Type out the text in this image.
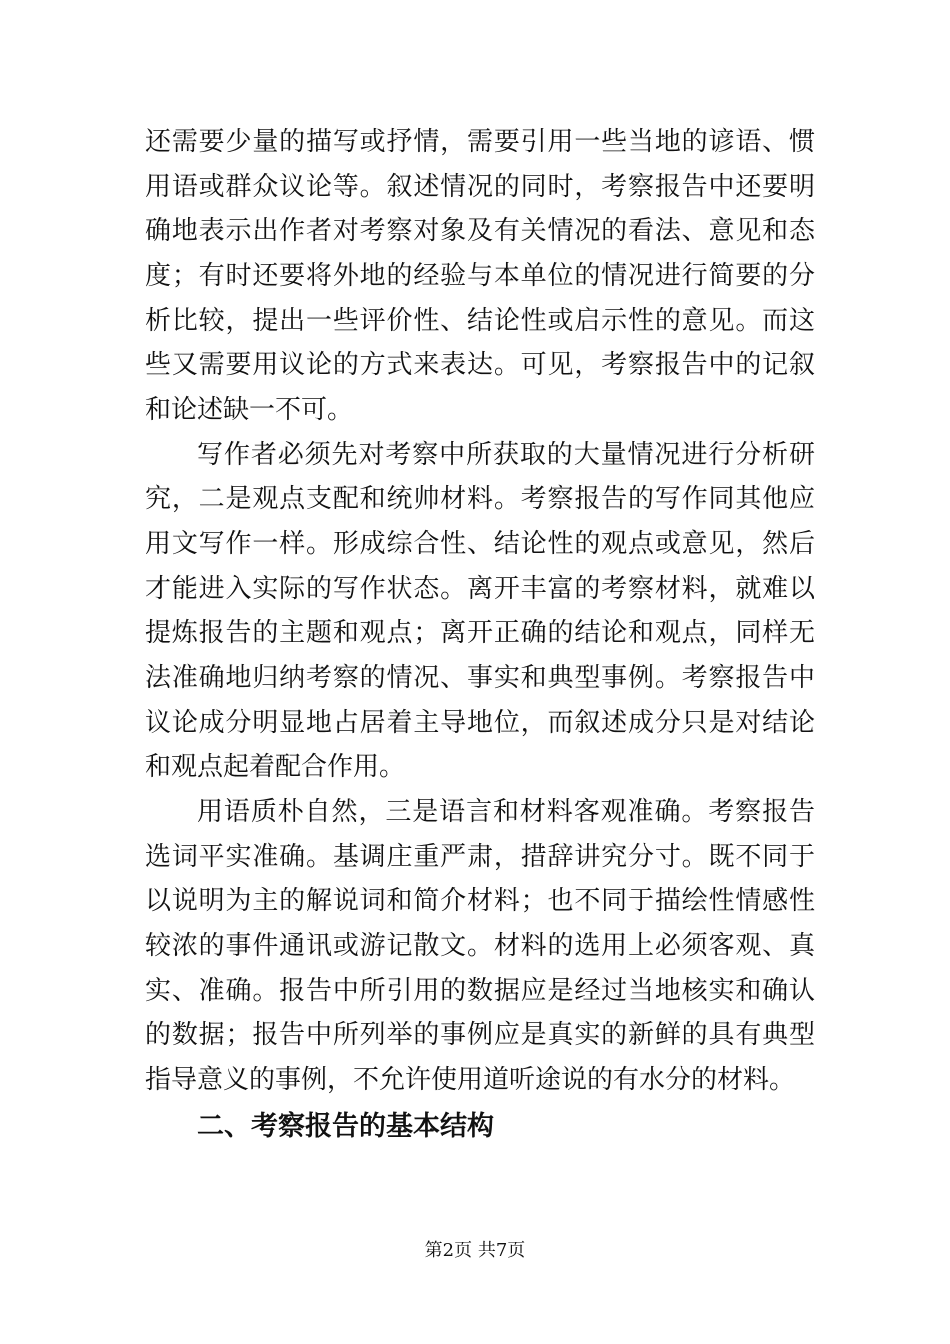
还需要少量的描写或抒情，需要引用一些当地的谚语、惯
用语或群众议论等。叙述情况的同时，考察报告中还要明
确地表示出作者对考察对象及有关情况的看法、意见和态
度；有时还要将外地的经验与本单位的情况进行简要的分
析比较，提出一些评价性、结论性或启示性的意见。而这
些又需要用议论的方式来表达。可见，考察报告中的记叙
和论述缺一不可。
写作者必须先对考察中所获取的大量情况进行分析研
究，二是观点支配和统帅材料。考察报告的写作同其他应
用文写作一样。形成综合性、结论性的观点或意见，然后
才能进入实际的写作状态。离开丰富的考察材料，就难以
提炼报告的主题和观点；离开正确的结论和观点，同样无
法准确地归纳考察的情况、事实和典型事例。考察报告中
议论成分明显地占居着主导地位，而叙述成分只是对结论
和观点起着配合作用。
用语质朴自然，三是语言和材料客观准确。考察报告
选词平实准确。基调庄重严肃，措辞讲究分寸。既不同于
以说明为主的解说词和简介材料；也不同于描绘性情感性
较浓的事件通讯或游记散文。材料的选用上必须客观、真
实、准确。报告中所引用的数据应是经过当地核实和确认
的数据；报告中所列举的事例应是真实的新鲜的具有典型
指导意义的事例，不允许使用道听途说的有水分的材料。
二、考察报告的基本结构
第2页 共7页
